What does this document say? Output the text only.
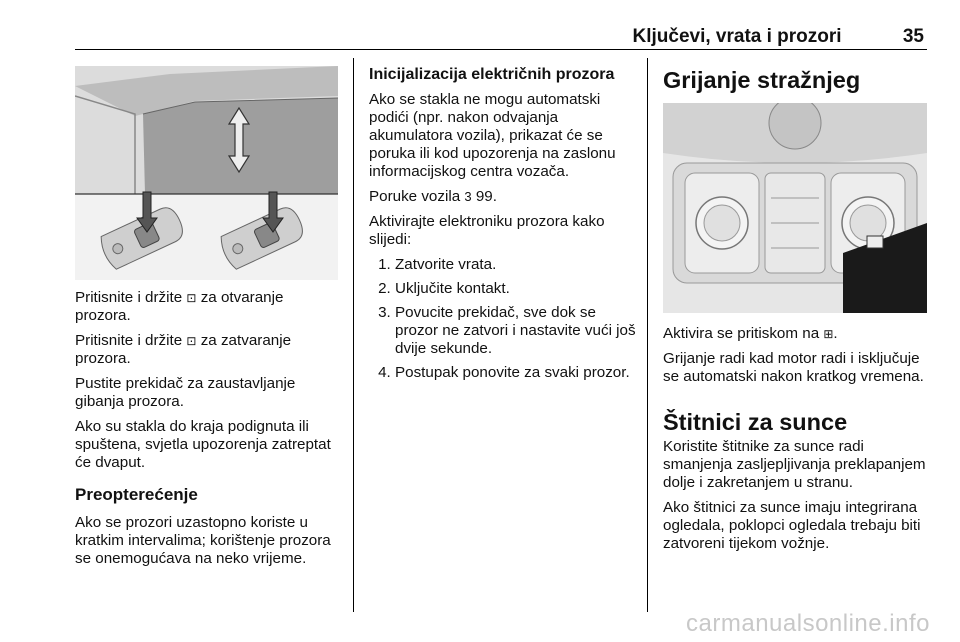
Ključevi, vrata i prozori	35

Pritisnite i držite ⊡ za otvaranje prozora.

Pritisnite i držite ⊡ za zatvaranje prozora.

Pustite prekidač za zaustavljanje gibanja prozora.

Ako su stakla do kraja podignuta ili spuštena, svjetla upozorenja zatreptat će dvaput.

Preopterećenje

Ako se prozori uzastopno koriste u kratkim intervalima; korištenje prozora se onemogućava na neko vrijeme.

Inicijalizacija električnih prozora

Ako se stakla ne mogu automatski podići (npr. nakon odvajanja akumulatora vozila), prikazat će se poruka ili kod upozorenja na zaslonu informacijskog centra vozača.

Poruke vozila 3 99.

Aktivirajte elektroniku prozora kako slijedi:

1. Zatvorite vrata.
2. Uključite kontakt.
3. Povucite prekidač, sve dok se prozor ne zatvori i nastavite vući još dvije sekunde.
4. Postupak ponovite za svaki prozor.
Grijanje stražnjeg

Aktivira se pritiskom na ⊞.

Grijanje radi kad motor radi i isključuje se automatski nakon kratkog vremena.

Štitnici za sunce

Koristite štitnike za sunce radi smanjenja zasljepljivanja preklapanjem dolje i zakretanjem u stranu.

Ako štitnici za sunce imaju integrirana ogledala, poklopci ogledala trebaju biti zatvoreni tijekom vožnje.

carmanualsonline.info
